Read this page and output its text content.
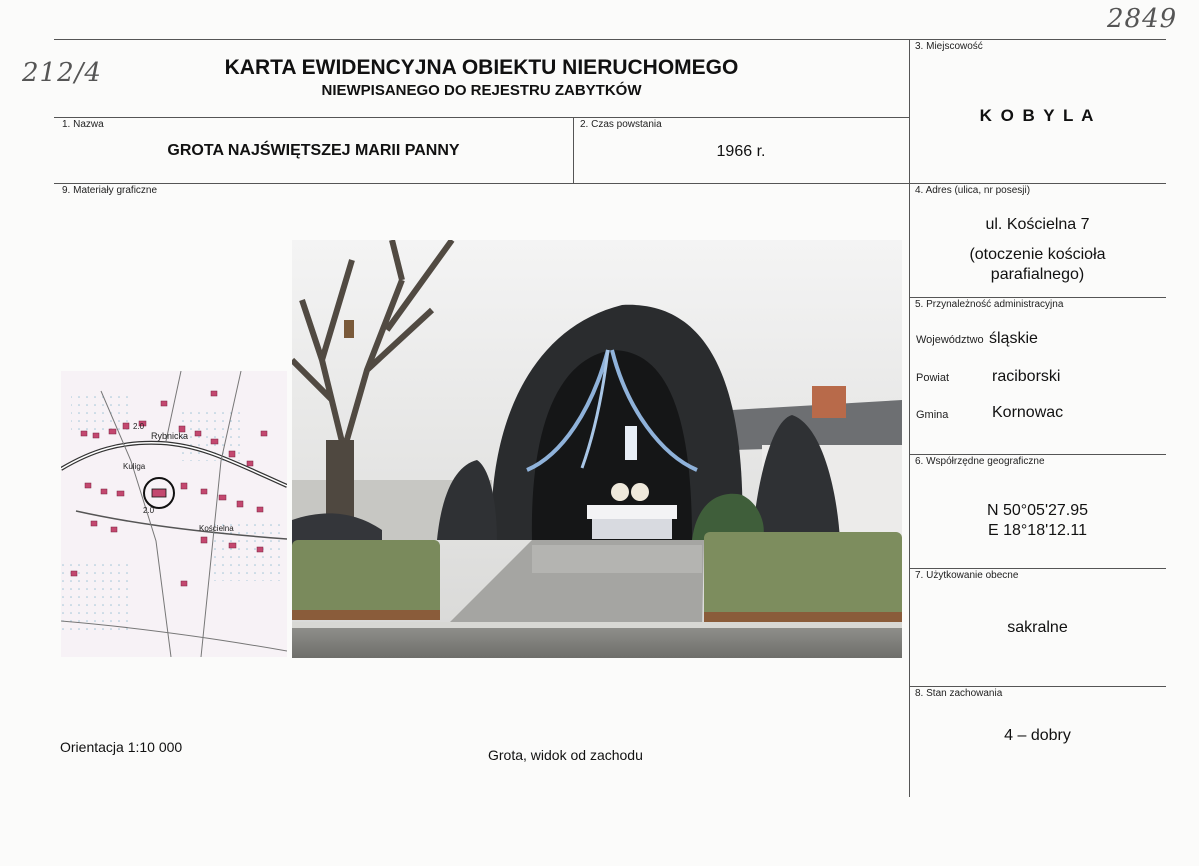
2849
212/4	KARTA EWIDENCYJNA OBIEKTU NIERUCHOMEGO
NIEWPISANEGO DO REJESTRU ZABYTKÓW
1. Nazwa
GROTA NAJŚWIĘTSZEJ MARII PANNY
2. Czas powstania
1966 r.
3. Miejscowość
K O B Y L A
4. Adres (ulica, nr posesji)
ul. Kościelna 7
(otoczenie kościoła
parafialnego)
5. Przynależność administracyjna
Województwo śląskie
Powiat	raciborski
Gmina	Kornowac
6. Współrzędne geograficzne
N 50°05'27.95
E 18°18'12.11
7. Użytkowanie obecne
sakralne
8. Stan zachowania
4 – dobry
9. Materiały graficzne
Rybnicka
Kuliga
Kościelna
2.0
2.0
Orientacja 1:10 000	Grota, widok od zachodu
